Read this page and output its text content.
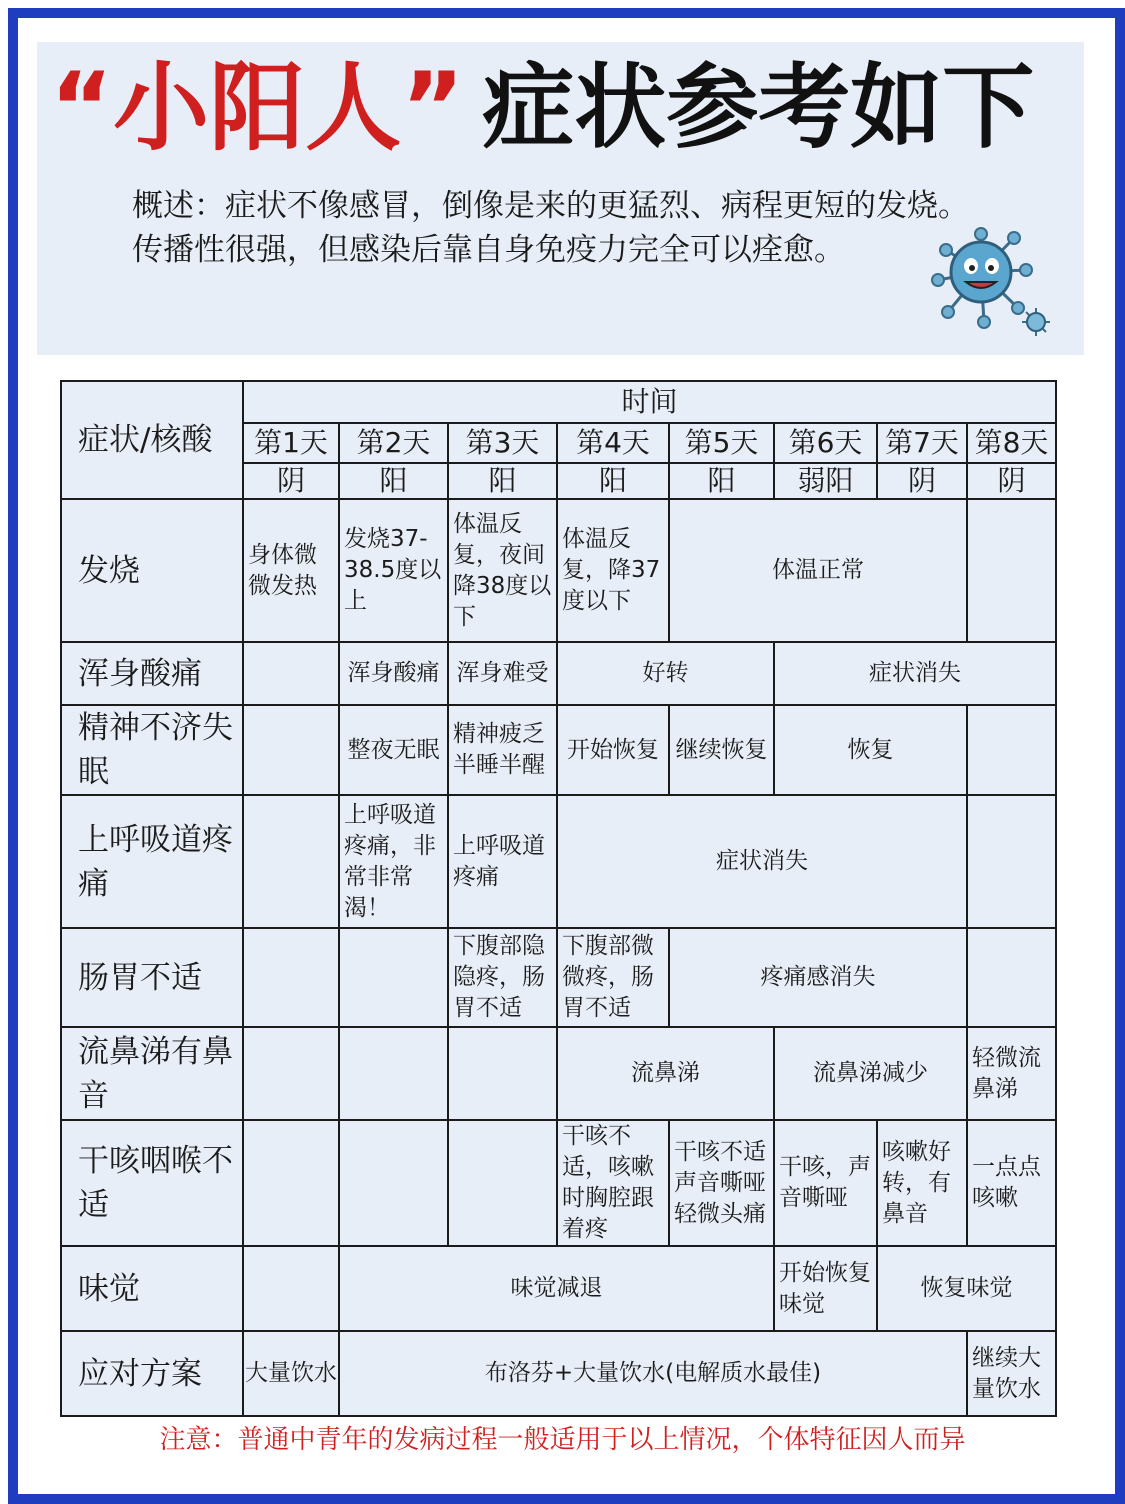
“小阳人” 症状参考如下
概述：症状不像感冒，倒像是来的更猛烈、病程更短的发烧。
传播性很强，但感染后靠自身免疫力完全可以痊愈。
症状/核酸	时间							
	第1天	第2天	第3天	第4天	第5天	第6天	第7天	第8天
	阴	阳	阳	阳	阳	弱阳	阴	阴
发烧	身体微微发热	发烧37-38.5度以上	体温反复，夜间降38度以下	体温反复，降37度以下	体温正常			
浑身酸痛		浑身酸痛	浑身难受	好转		症状消失		
精神不济失眠		整夜无眠	精神疲乏半睡半醒	开始恢复	继续恢复	恢复		
上呼吸道疼痛		上呼吸道疼痛，非常非常渴！	上呼吸道疼痛	症状消失				
肠胃不适			下腹部隐隐疼，肠胃不适	下腹部微微疼，肠胃不适	疼痛感消失			
流鼻涕有鼻音				流鼻涕		流鼻涕减少		轻微流鼻涕
干咳咽喉不适				干咳不适，咳嗽时胸腔跟着疼	干咳不适声音嘶哑轻微头痛	干咳，声音嘶哑	咳嗽好转，有鼻音	一点点咳嗽
味觉		味觉减退				开始恢复味觉	恢复味觉	
应对方案	大量饮水	布洛芬+大量饮水(电解质水最佳)						继续大量饮水
注意：普通中青年的发病过程一般适用于以上情况，个体特征因人而异
